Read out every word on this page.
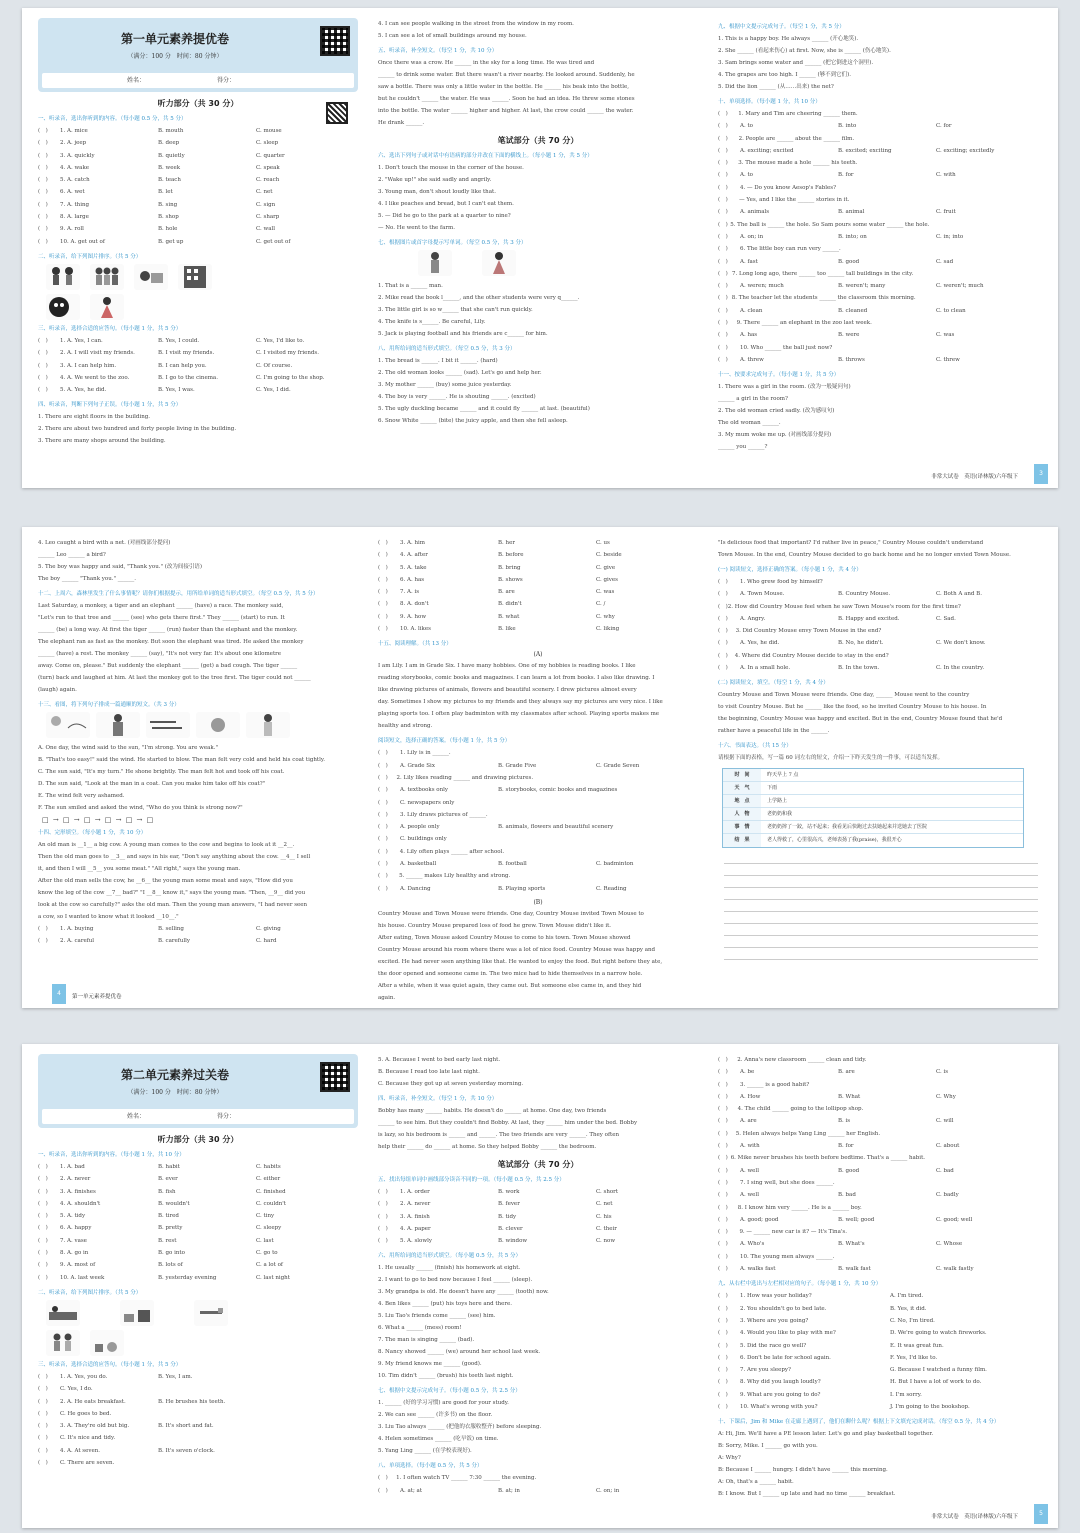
第一单元素养提优卷
（满分：100 分　时间：80 分钟）
姓名：	得分：
听力部分（共 30 分）
一、听录音，选出你听到的内容。（每小题 0.5 分，共 5 分）
(　)	1. A. mice	B. mouth	C. mouse
(　)	2. A. jeep	B. deep	C. sleep
(　)	3. A. quickly	B. quietly	C. quarter
(　)	4. A. wake	B. week	C. speak
(　)	5. A. catch	B. teach	C. reach
(　)	6. A. wet	B. let	C. net
(　)	7. A. thing	B. sing	C. sign
(　)	8. A. large	B. shop	C. sharp
(　)	9. A. roll	B. hole	C. wall
(　)	10. A. get out of	B. get up	C. get out of
二、听录音，给下列图片排序。（共 5 分）
三、听录音，选择合适的应答句。（每小题 1 分，共 5 分）
(　)	1. A. Yes, I can.	B. Yes, I could.	C. Yes, I'd like to.
(　)	2. A. I will visit my friends.	B. I visit my friends.	C. I visited my friends.
(　)	3. A. I can help him.	B. I can help you.	C. Of course.
(　)	4. A. We went to the zoo.	B. I go to the cinema.	C. I'm going to the shop.
(　)	5. A. Yes, he did.	B. Yes, I was.	C. Yes, I did.
四、听录音，判断下列句子正误。（每小题 1 分，共 5 分）
1. There are eight floors in the building.
2. There are about two hundred and forty people living in the building.
3. There are many shops around the building.
4. I can see people walking in the street from the window in my room.
5. I can see a lot of small buildings around my house.
五、听录音，补全短文。（每空 1 分，共 10 分）
Once there was a crow. He ______ in the sky for a long time. He was tired and
______ to drink some water. But there wasn't a river nearby. He looked around. Suddenly, he
saw a bottle. There was only a little water in the bottle. He ______ his beak into the bottle,
but he couldn't ______ the water. He was ______. Soon he had an idea. He threw some stones
into the bottle. The water ______ higher and higher. At last, the crow could ______ the water.
He drank ______.
笔试部分（共 70 分）
六、选出下列句子或对话中有语病的部分并改在下面的横线上。（每小题 1 分，共 5 分）
1. Don't touch the mouse in the corner of the house.
2. "Wake up!" she said sadly and angrily.
3. Young man, don't shout loudly like that.
4. I like peaches and bread, but I can't eat them.
5. — Did he go to the park at a quarter to nine?
— No. He went to the farm.
七、根据图片或首字母提示写单词。（每空 0.5 分，共 3 分）
1. That is a ______ man.
2. Mike read the book l______, and the other students were very q______.
3. The little girl is so w______ that she can't run quickly.
4. The knife is s______. Be careful, Lily.
5. Jack is playing football and his friends are c______ for him.
八、用所给词的适当形式填空。（每空 0.5 分，共 3 分）
1. The bread is ______. I bit it ______. (hard)
2. The old woman looks ______ (sad). Let's go and help her.
3. My mother ______ (buy) some juice yesterday.
4. The boy is very ______. He is shouting ______. (excited)
5. The ugly duckling became ______ and it could fly ______ at last. (beautiful)
6. Snow White ______ (bite) the juicy apple, and then she fell asleep.
九、根据中文提示完成句子。（每空 1 分，共 5 分）
1. This is a happy boy. He always ______ (开心地笑).
2. She ______ (看起来伤心) at first. Now, she is ______ (伤心地笑).
3. Sam brings some water and ______ (把它倒进这个洞里).
4. The grapes are too high. I ______ (够不到它们).
5. Did the lion ______ (从……出来) the net?
十、单项选择。（每小题 1 分，共 10 分）
(　)	1. Mary and Tim are cheering ______ them.
(　)	A. to	B. into	C. for
(　)	2. People are ______ about the ______ film.
(　)	A. exciting; excited	B. excited; exciting	C. exciting; excitedly
(　)	3. The mouse made a hole ______ his teeth.
(　)	A. to	B. for	C. with
(　)	4. — Do you know Aesop's Fables?
(　)	— Yes, and I like the ______ stories in it.
(　)	A. animals	B. animal	C. fruit
(　) 5. The ball is ______ the hole. So Sam pours some water ______ the hole.
(　)	A. on; in	B. into; on	C. in; into
(　)	6. The little boy can run very ______.
(　)	A. fast	B. good	C. sad
(　) 7. Long long ago, there ______ too ______ tall buildings in the city.
(　)	A. weren; much	B. weren't; many	C. weren't; much
(　) 8. The teacher let the students ______ the classroom this morning.
(　)	A. clean	B. cleaned	C. to clean
(　)	9. There ______ an elephant in the zoo last week.
(　)	A. has	B. were	C. was
(　)	10. Who ______ the ball just now?
(　)	A. threw	B. throws	C. threw
十一、按要求完成句子。（每小题 1 分，共 5 分）
1. There was a girl in the room. (改为一般疑问句)
______ a girl in the room?
2. The old woman cried sadly. (改为感叹句)
The old woman ______.
3. My mum woke me up. (对画线部分提问)
______ you ______?
非常大试卷　英语(译林版)六年级下	3
4. Leo caught a bird with a net. (对画线部分提问)
______ Leo ______ a bird?
5. The boy was happy and said, "Thank you." (改为间接引语)
The boy ______ "Thank you." ______.
十二、上周六，森林里发生了什么事情呢？请你们根据提示，用所给单词的适当形式填空。（每空 0.5 分，共 5 分）
Last Saturday, a monkey, a tiger and an elephant ______ (have) a race. The monkey said,
"Let's run to that tree and ______ (see) who gets there first." They ______ (start) to run. It
______ (be) a long way. At first the tiger ______ (run) faster than the elephant and the monkey.
The elephant ran as fast as the monkey. But soon the elephant was tired. He asked the monkey
______ (have) a rest. The monkey ______ (say), "It's not very far. It's about one kilometre
away. Come on, please." But suddenly the elephant ______ (get) a bad cough. The tiger ______
(turn) back and laughed at him. At last the monkey got to the tree first. The tiger could not ______
(laugh) again.
十三、看图，将下列句子排成一篇通顺的短文。（共 3 分）
A. One day, the wind said to the sun, "I'm strong. You are weak."
B. "That's too easy!" said the wind. He started to blow. The man felt very cold and held his coat tightly.
C. The sun said, "It's my turn." He shone brightly. The man felt hot and took off his coat.
D. The sun said, "Look at the man in a coat. Can you make him take off his coat?"
E. The wind felt very ashamed.
F. The sun smiled and asked the wind, "Who do you think is strong now?"
□ → □ → □ → □ → □ → □
十四、完形填空。（每小题 1 分，共 10 分）
An old man is __1__ a big cow. A young man comes to the cow and begins to look at it __2__.
Then the old man goes to __3__ and says in his ear, "Don't say anything about the cow. __4__ I sell
it, and then I will __5__ you some meat." "All right," says the young man.
After the old man sells the cow, he __6__ the young man some meat and says, "How did you
know the leg of the cow __7__ bad?" "I __8__ know it," says the young man. "Then, __9__ did you
look at the cow so carefully?" asks the old man. Then the young man answers, "I had never seen
a cow, so I wanted to know what it looked __10__."
(　)	1. A. buying	B. selling	C. giving
(　)	2. A. careful	B. carefully	C. hard
(　)	3. A. him	B. her	C. us
(　)	4. A. after	B. before	C. beside
(　)	5. A. take	B. bring	C. give
(　)	6. A. has	B. shows	C. gives
(　)	7. A. is	B. are	C. was
(　)	8. A. don't	B. didn't	C. /
(　)	9. A. how	B. what	C. why
(　)	10. A. likes	B. like	C. liking
十五、阅读理解。（共 13 分）
(A)
I am Lily. I am in Grade Six. I have many hobbies. One of my hobbies is reading books. I like
reading storybooks, comic books and magazines. I can learn a lot from books. I also like drawing. I
like drawing pictures of animals, flowers and beautiful scenery. I drew pictures almost every
day. Sometimes I show my pictures to my friends and they always say my pictures are very nice. I like
playing sports too. I often play badminton with my classmates after school. Playing sports makes me
healthy and strong.
阅读短文，选择正确的答案。（每小题 1 分，共 5 分）
(　)	1. Lily is in ______.
(　)	A. Grade Six	B. Grade Five	C. Grade Seven
(　)	2. Lily likes reading ______ and drawing pictures.
(　)	A. textbooks only	B. storybooks, comic books and magazines
(　)	C. newspapers only
(　)	3. Lily draws pictures of ______.
(　)	A. people only	B. animals, flowers and beautiful scenery
(　)	C. buildings only
(　)	4. Lily often plays ______ after school.
(　)	A. basketball	B. football	C. badminton
(　)	5. ______ makes Lily healthy and strong.
(　)	A. Dancing	B. Playing sports	C. Reading
(B)
Country Mouse and Town Mouse were friends. One day, Country Mouse invited Town Mouse to
his house. Country Mouse prepared loss of food he grew. Town Mouse didn't like it.
After eating, Town Mouse asked Country Mouse to come to his town. Town Mouse showed
Country Mouse around his room where there was a lot of nice food. Country Mouse was happy and
excited. He had never seen anything like that. He wanted to enjoy the food. But right before they ate,
the door opened and someone came in. The two mice had to hide themselves in a narrow hole.
After a while, when it was quiet again, they came out. But someone else came in, and they hid
again.
"Is delicious food that important? I'd rather live in peace," Country Mouse couldn't understand
Town Mouse. In the end, Country Mouse decided to go back home and he no longer envied Town Mouse.
(一) 阅读短文，选择正确的答案。（每小题 1 分，共 4 分）
(　)	1. Who grew food by himself?
(　)	A. Town Mouse.	B. Country Mouse.	C. Both A and B.
(　) 2. How did Country Mouse feel when he saw Town Mouse's room for the first time?
(　)	A. Angry.	B. Happy and excited.	C. Sad.
(　)	3. Did Country Mouse envy Town Mouse in the end?
(　)	A. Yes, he did.	B. No, he didn't.	C. We don't know.
(　)	4. Where did Country Mouse decide to stay in the end?
(　)	A. In a small hole.	B. In the town.	C. In the country.
(二) 阅读短文，填空。（每空 1 分，共 4 分）
Country Mouse and Town Mouse were friends. One day, ______ Mouse went to the country
to visit Country Mouse. But he ______ like the food, so he invited Country Mouse to his house. In
the beginning, Country Mouse was happy and excited. But in the end, Country Mouse found that he'd
rather have a peaceful life in the ______.
十六、书面表达。（共 15 分）
请根据下面的表格，写一篇 60 词左右的短文，介绍一下昨天发生的一件事，可以适当发挥。
时　间	昨天早上 7 点
天　气	下雨
地　点	上学路上
人　物	老奶奶和我
事　情	老奶奶摔了一跤，站不起来；我看见后快跑过去扶她起来并送她去了医院
结　果	老人得救了，心里很高兴，老师表扬了我(praise)，我很开心
第一单元素养提优卷
4
第二单元素养过关卷
（满分：100 分　时间：80 分钟）
姓名：	得分：
听力部分（共 30 分）
一、听录音，选出你听到的内容。（每小题 1 分，共 10 分）
(　)	1. A. bad	B. habit	C. habits
(　)	2. A. never	B. ever	C. either
(　)	3. A. finishes	B. fish	C. finished
(　)	4. A. shouldn't	B. wouldn't	C. couldn't
(　)	5. A. tidy	B. tired	C. tiny
(　)	6. A. happy	B. pretty	C. sleepy
(　)	7. A. vase	B. rest	C. last
(　)	8. A. go in	B. go into	C. go to
(　)	9. A. most of	B. lots of	C. a lot of
(　)	10. A. last week	B. yesterday evening	C. last night
二、听录音，给下列图片排序。（共 5 分）
三、听录音，选择合适的应答句。（每小题 1 分，共 5 分）
(　)	1. A. Yes, you do.	B. Yes, I am.
(　)	C. Yes, I do.
(　)	2. A. He eats breakfast.	B. He brushes his teeth.
(　)	C. He goes to bed.
(　)	3. A. They're old but big.	B. It's short and fat.
(　)	C. It's nice and tidy.
(　)	4. A. At seven.	B. It's seven o'clock.
(　)	C. There are seven.
5. A. Because I went to bed early last night.
B. Because I read too late last night.
C. Because they got up at seven yesterday morning.
四、听录音，补全短文。（每空 1 分，共 10 分）
Bobby has many ______ habits. He doesn't do ______ at home. One day, two friends
______ to see him. But they couldn't find Bobby. At last, they ______ him under the bed. Bobby
is lazy, so his bedroom is ______ and ______. The two friends are very ______. They often
help their ______ do ______ at home. So they helped Bobby ______ the bedroom.
笔试部分（共 70 分）
五、找出每组单词中画线部分读音不同的一项。（每小题 0.5 分，共 2.5 分）
(　)	1. A. order	B. work	C. short
(　)	2. A. never	B. fever	C. net
(　)	3. A. finish	B. tidy	C. his
(　)	4. A. paper	B. clever	C. their
(　)	5. A. slowly	B. window	C. now
六、用所给词的适当形式填空。（每小题 0.5 分，共 5 分）
1. He usually ______ (finish) his homework at eight.
2. I want to go to bed now because I feel ______ (sleep).
3. My grandpa is old. He doesn't have any ______ (tooth) now.
4. Ben likes ______ (put) his toys here and there.
5. Liu Tao's friends come ______ (see) him.
6. What a ______ (mess) room!
7. The man is singing ______ (bad).
8. Nancy showed ______ (we) around her school last week.
9. My friend knows me ______ (good).
10. Tim didn't ______ (brush) his teeth last night.
七、根据中文提示完成句子。（每小题 0.5 分，共 2.5 分）
1. ______ (好的学习习惯) are good for your study.
2. We can see ______ (许多书) on the floor.
3. Liu Tao always ______ (把他的衣服收整齐) before sleeping.
4. Helen sometimes ______ (吃早饭) on time.
5. Yang Ling ______ (在学校表现好).
八、单项选择。（每小题 0.5 分，共 5 分）
(　)	1. I often watch TV ______ 7:30 ______ the evening.
(　)	A. at; at	B. at; in	C. on; in
(　)	2. Anna's new classroom ______ clean and tidy.
(　)	A. be	B. are	C. is
(　)	3. ______ is a good habit?
(　)	A. How	B. What	C. Why
(　)	4. The child ______ going to the lollipop shop.
(　)	A. are	B. is	C. will
(　)	5. Helen always helps Yang Ling ______ her English.
(　)	A. with	B. for	C. about
(　) 6. Mike never brushes his teeth before bedtime. That's a ______ habit.
(　)	A. well	B. good	C. bad
(　)	7. I sing well, but she does ______.
(　)	A. well	B. bad	C. badly
(　)	8. I know him very ______. He is a ______ boy.
(　)	A. good; good	B. well; good	C. good; well
(　)	9. — ______ new car is it? — It's Tina's.
(　)	A. Who's	B. What's	C. Whose
(　)	10. The young men always ______.
(　)	A. walks fast	B. walk fast	C. walk fastly
九、从右栏中选出与左栏相对应的句子。（每小题 1 分，共 10 分）
(　)	1. How was your holiday?	A. I'm tired.
(　)	2. You shouldn't go to bed late.	B. Yes, it did.
(　)	3. Where are you going?	C. No, I'm tired.
(　)	4. Would you like to play with me?	D. We're going to watch fireworks.
(　)	5. Did the race go well?	E. It was great fun.
(　)	6. Don't be late for school again.	F. Yes, I'd like to.
(　)	7. Are you sleepy?	G. Because I watched a funny film.
(　)	8. Why did you laugh loudly?	H. But I have a lot of work to do.
(　)	9. What are you going to do?	I. I'm sorry.
(　)	10. What's wrong with you?	J. I'm going to the bookshop.
十、下课后，Jim 和 Mike 在走廊上遇到了，他们在聊什么呢？根据上下文填充完成对话。（每空 0.5 分，共 4 分）
A: Hi, Jim. We'll have a PE lesson later. Let's go and play basketball together.
B: Sorry, Mike. I ______ go with you.
A: Why?
B: Because I ______ hungry. I didn't have ______ this morning.
A: Oh, that's a ______ habit.
B: I know. But I ______ up late and had no time ______ breakfast.
非常大试卷　英语(译林版)六年级下	5
